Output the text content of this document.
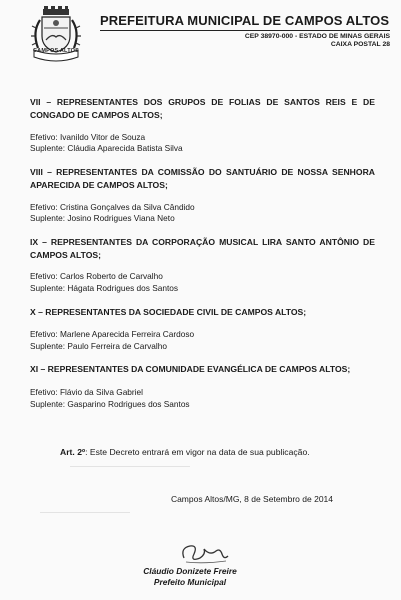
CAMPOS ALTOS
PREFEITURA MUNICIPAL DE CAMPOS ALTOS
CEP 38970-000 - ESTADO DE MINAS GERAIS
CAIXA POSTAL 28
VII – REPRESENTANTES DOS GRUPOS DE FOLIAS DE SANTOS REIS E DE CONGADO DE CAMPOS ALTOS;
Efetivo: Ivanildo Vitor de Souza
Suplente: Cláudia Aparecida Batista Silva
VIII – REPRESENTANTES DA COMISSÃO DO SANTUÁRIO DE NOSSA SENHORA APARECIDA DE CAMPOS ALTOS;
Efetivo: Cristina Gonçalves da Silva Cândido
Suplente: Josino Rodrigues Viana Neto
IX – REPRESENTANTES DA CORPORAÇÃO MUSICAL LIRA SANTO ANTÔNIO DE CAMPOS ALTOS;
Efetivo: Carlos Roberto de Carvalho
Suplente: Hágata Rodrigues dos Santos
X – REPRESENTANTES DA SOCIEDADE CIVIL DE CAMPOS ALTOS;
Efetivo: Marlene Aparecida Ferreira Cardoso
Suplente: Paulo Ferreira de Carvalho
XI – REPRESENTANTES DA COMUNIDADE EVANGÉLICA DE CAMPOS ALTOS;
Efetivo: Flávio da Silva Gabriel
Suplente: Gasparino Rodrigues dos Santos
Art. 2º: Este Decreto entrará em vigor na data de sua publicação.
Campos Altos/MG, 8 de Setembro de 2014
Cláudio Donizete Freire
Prefeito Municipal
